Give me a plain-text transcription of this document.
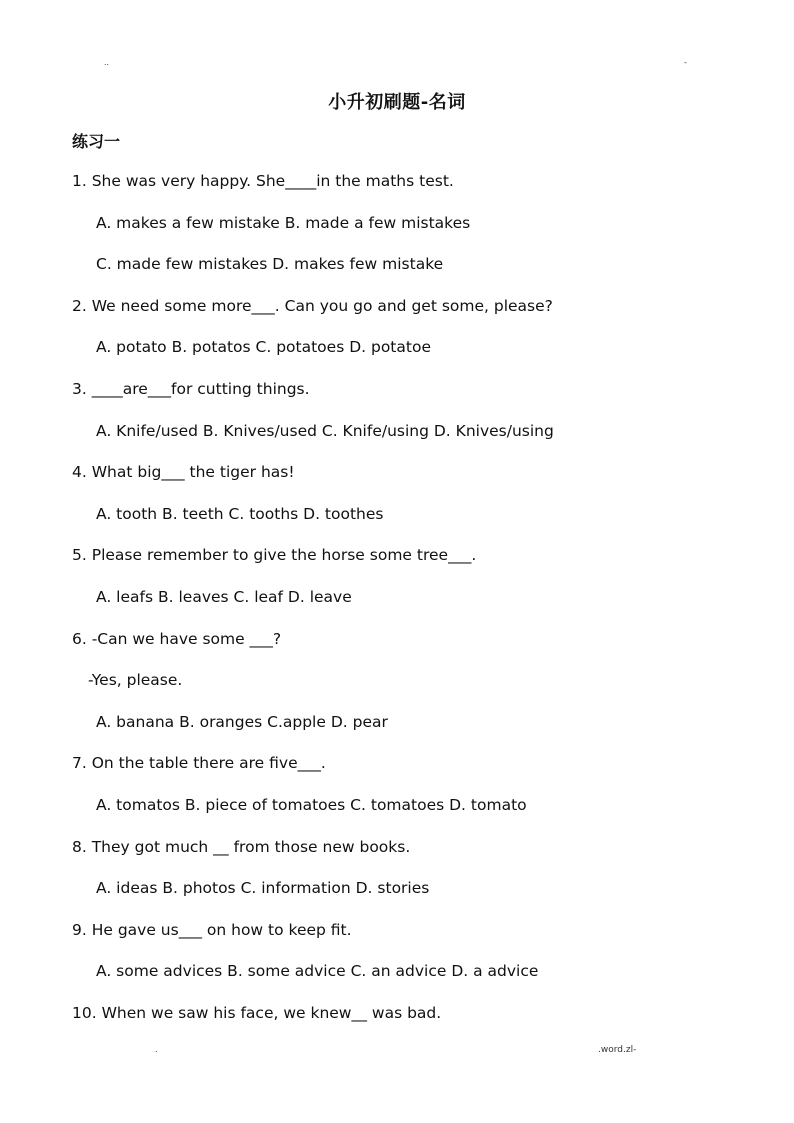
..	-
小升初刷题-名词
练习一
1. She was very happy. She____in the maths test.
A. makes a few mistake B. made a few mistakes
C. made few mistakes D. makes few mistake
2. We need some more___. Can you go and get some, please?
A. potato B. potatos C. potatoes D. potatoe
3. ____are___for cutting things.
A. Knife/used B. Knives/used C. Knife/using D. Knives/using
4. What big___ the tiger has!
A. tooth B. teeth C. tooths D. toothes
5. Please remember to give the horse some tree___.
A. leafs B. leaves C. leaf D. leave
6. -Can we have some ___?
-Yes, please.
A. banana B. oranges C.apple D. pear
7. On the table there are five___.
A. tomatos B. piece of tomatoes C. tomatoes D. tomato
8. They got much __ from those new books.
A. ideas B. photos C. information D. stories
9. He gave us___ on how to keep fit.
A. some advices B. some advice C. an advice D. a advice
10. When we saw his face, we knew__ was bad.
.	.word.zl-
